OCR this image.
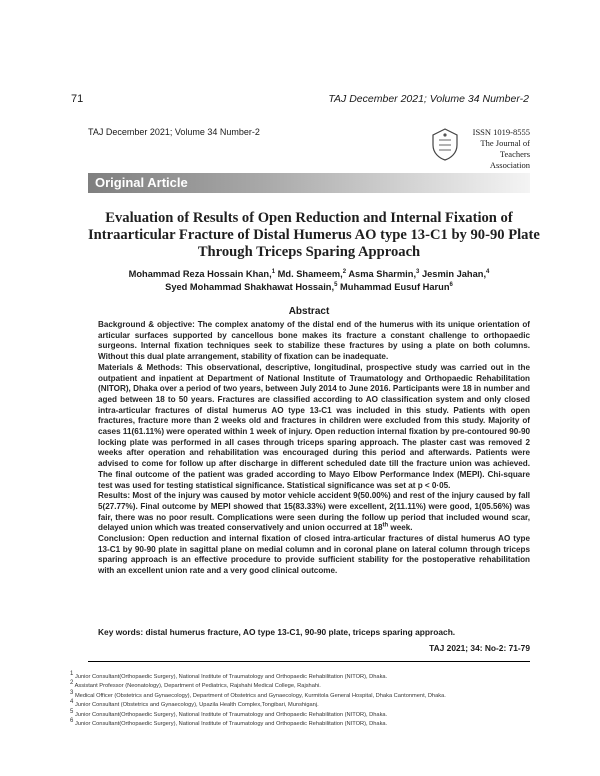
71	TAJ December 2021; Volume 34 Number-2
TAJ December 2021; Volume 34 Number-2	ISSN 1019-8555
The Journal of
Teachers Association
Original Article
Evaluation of Results of Open Reduction and Internal Fixation of
Intraarticular Fracture of Distal Humerus AO type 13-C1 by 90-90 Plate
Through Triceps Sparing Approach
Mohammad Reza Hossain Khan,$^1$ Md. Shameem,$^2$ Asma Sharmin,$^3$ Jesmin Jahan,$^4$
Syed Mohammad Shakhawat Hossain,$^5$ Muhammad Eusuf Harun$^6$
Abstract

Background & objective: The complex anatomy of the distal end of the humerus with its unique orientation of articular surfaces supported by cancellous bone makes its fracture a constant challenge to orthopaedic surgeons. Internal fixation techniques seek to stabilize these fractures by using a plate on both columns. Without this dual plate arrangement, stability of fixation can be inadequate.

Materials & Methods: This observational, descriptive, longitudinal, prospective study was carried out in the outpatient and inpatient at Department of National Institute of Traumatology and Orthopaedic Rehabilitation (NITOR), Dhaka over a period of two years, between July 2014 to June 2016. Participants were 18 in number and aged between 18 to 50 years. Fractures are classified according to AO classification system and only closed intra-articular fractures of distal humerus AO type 13-C1 was included in this study. Patients with open fractures, fracture more than 2 weeks old and fractures in children were excluded from this study. Majority of cases 11(61.11%) were operated within 1 week of injury. Open reduction internal fixation by pre-contoured 90-90 locking plate was performed in all cases through triceps sparing approach. The plaster cast was removed 2 weeks after operation and rehabilitation was encouraged during this period and afterwards. Patients were advised to come for follow up after discharge in different scheduled date till the fracture union was achieved. The final outcome of the patient was graded according to Mayo Elbow Performance Index (MEPI). Chi-square test was used for testing statistical significance. Statistical significance was set at p < 0·05.

Results: Most of the injury was caused by motor vehicle accident 9(50.00%) and rest of the injury caused by fall 5(27.77%). Final outcome by MEPI showed that 15(83.33%) were excellent, 2(11.11%) were good, 1(05.56%) was fair, there was no poor result. Complications were seen during the follow up period that included wound scar, delayed union which was treated conservatively and union occurred at 18th week.

Conclusion: Open reduction and internal fixation of closed intra-articular fractures of distal humerus AO type 13-C1 by 90-90 plate in sagittal plane on medial column and in coronal plane on lateral column through triceps sparing approach is an effective procedure to provide sufficient stability for the postoperative rehabilitation with an excellent union rate and a very good clinical outcome.

Key words: distal humerus fracture, AO type 13-C1, 90-90 plate, triceps sparing approach.
TAJ 2021; 34: No-2: 71-79
$^1$ Junior Consultant(Orthopaedic Surgery), National Institute of Traumatology and Orthopaedic Rehabilitation (NITOR), Dhaka.
$^2$ Assistant Professor (Neonatology), Department of Pediatrics, Rajshahi Medical College, Rajshahi.
$^3$ Medical Officer (Obstetrics and Gynaecology), Department of Obstetrics and Gynaecology, Kurmitola General Hospital, Dhaka Cantonment, Dhaka.
$^4$ Junior Consultant (Obstetrics and Gynaecology), Upazila Health Complex,Tongibari, Munshiganj.
$^5$ Junior Consultant(Orthopaedic Surgery), National Institute of Traumatology and Orthopaedic Rehabilitation (NITOR), Dhaka.
$^6$ Junior Consultant(Orthopaedic Surgery), National Institute of Traumatology and Orthopaedic Rehabilitation (NITOR), Dhaka.
